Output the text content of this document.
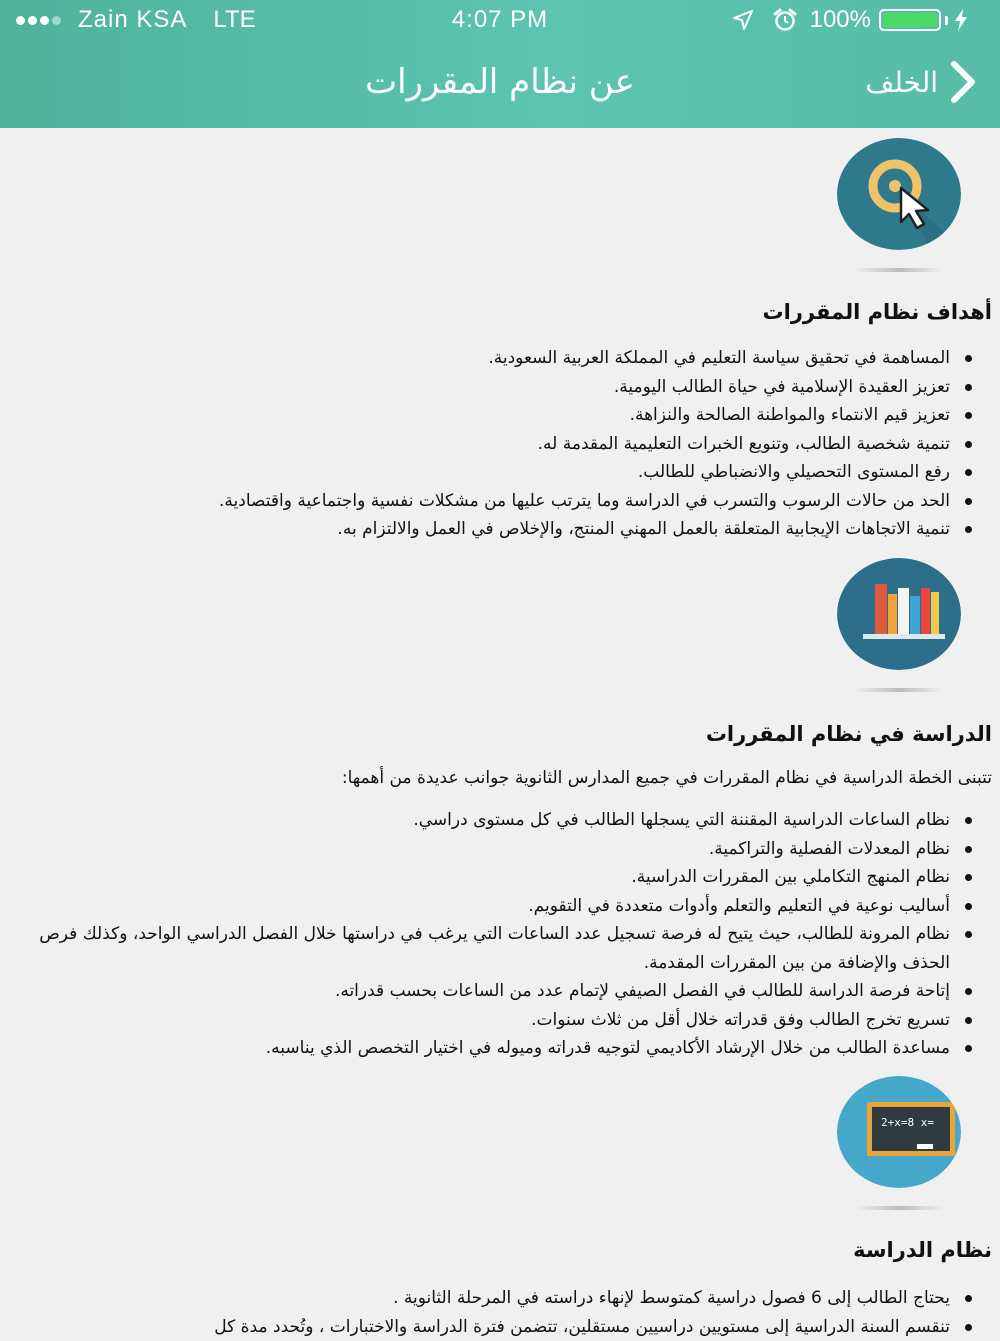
Zain KSA LTE	4:07 PM	100%
عن نظام المقررات	الخلف
أهداف نظام المقررات
المساهمة في تحقيق سياسة التعليم في المملكة العربية السعودية.
تعزيز العقيدة الإسلامية في حياة الطالب اليومية.
تعزيز قيم الانتماء والمواطنة الصالحة والنزاهة.
تنمية شخصية الطالب، وتنويع الخبرات التعليمية المقدمة له.
رفع المستوى التحصيلي والانضباطي للطالب.
الحد من حالات الرسوب والتسرب في الدراسة وما يترتب عليها من مشكلات نفسية واجتماعية واقتصادية.
تنمية الاتجاهات الإيجابية المتعلقة بالعمل المهني المنتج، والإخلاص في العمل والالتزام به.
الدراسة في نظام المقررات
تتبنى الخطة الدراسية في نظام المقررات في جميع المدارس الثانوية جوانب عديدة من أهمها:
نظام الساعات الدراسية المقننة التي يسجلها الطالب في كل مستوى دراسي.
نظام المعدلات الفصلية والتراكمية.
نظام المنهج التكاملي بين المقررات الدراسية.
أساليب نوعية في التعليم والتعلم وأدوات متعددة في التقويم.
نظام المرونة للطالب، حيث يتيح له فرصة تسجيل عدد الساعات التي يرغب في دراستها خلال الفصل الدراسي الواحد، وكذلك فرص الحذف والإضافة من بين المقررات المقدمة.
إتاحة فرصة الدراسة للطالب في الفصل الصيفي لإتمام عدد من الساعات بحسب قدراته.
تسريع تخرج الطالب وفق قدراته خلال أقل من ثلاث سنوات.
مساعدة الطالب من خلال الإرشاد الأكاديمي لتوجيه قدراته وميوله في اختيار التخصص الذي يناسبه.
2+x=8 x=
نظام الدراسة
يحتاج الطالب إلى 6 فصول دراسية كمتوسط لإنهاء دراسته في المرحلة الثانوية .
تنقسم السنة الدراسية إلى مستويين دراسيين مستقلين، تتضمن فترة الدراسة والاختبارات ، وتُحدد مدة كل
